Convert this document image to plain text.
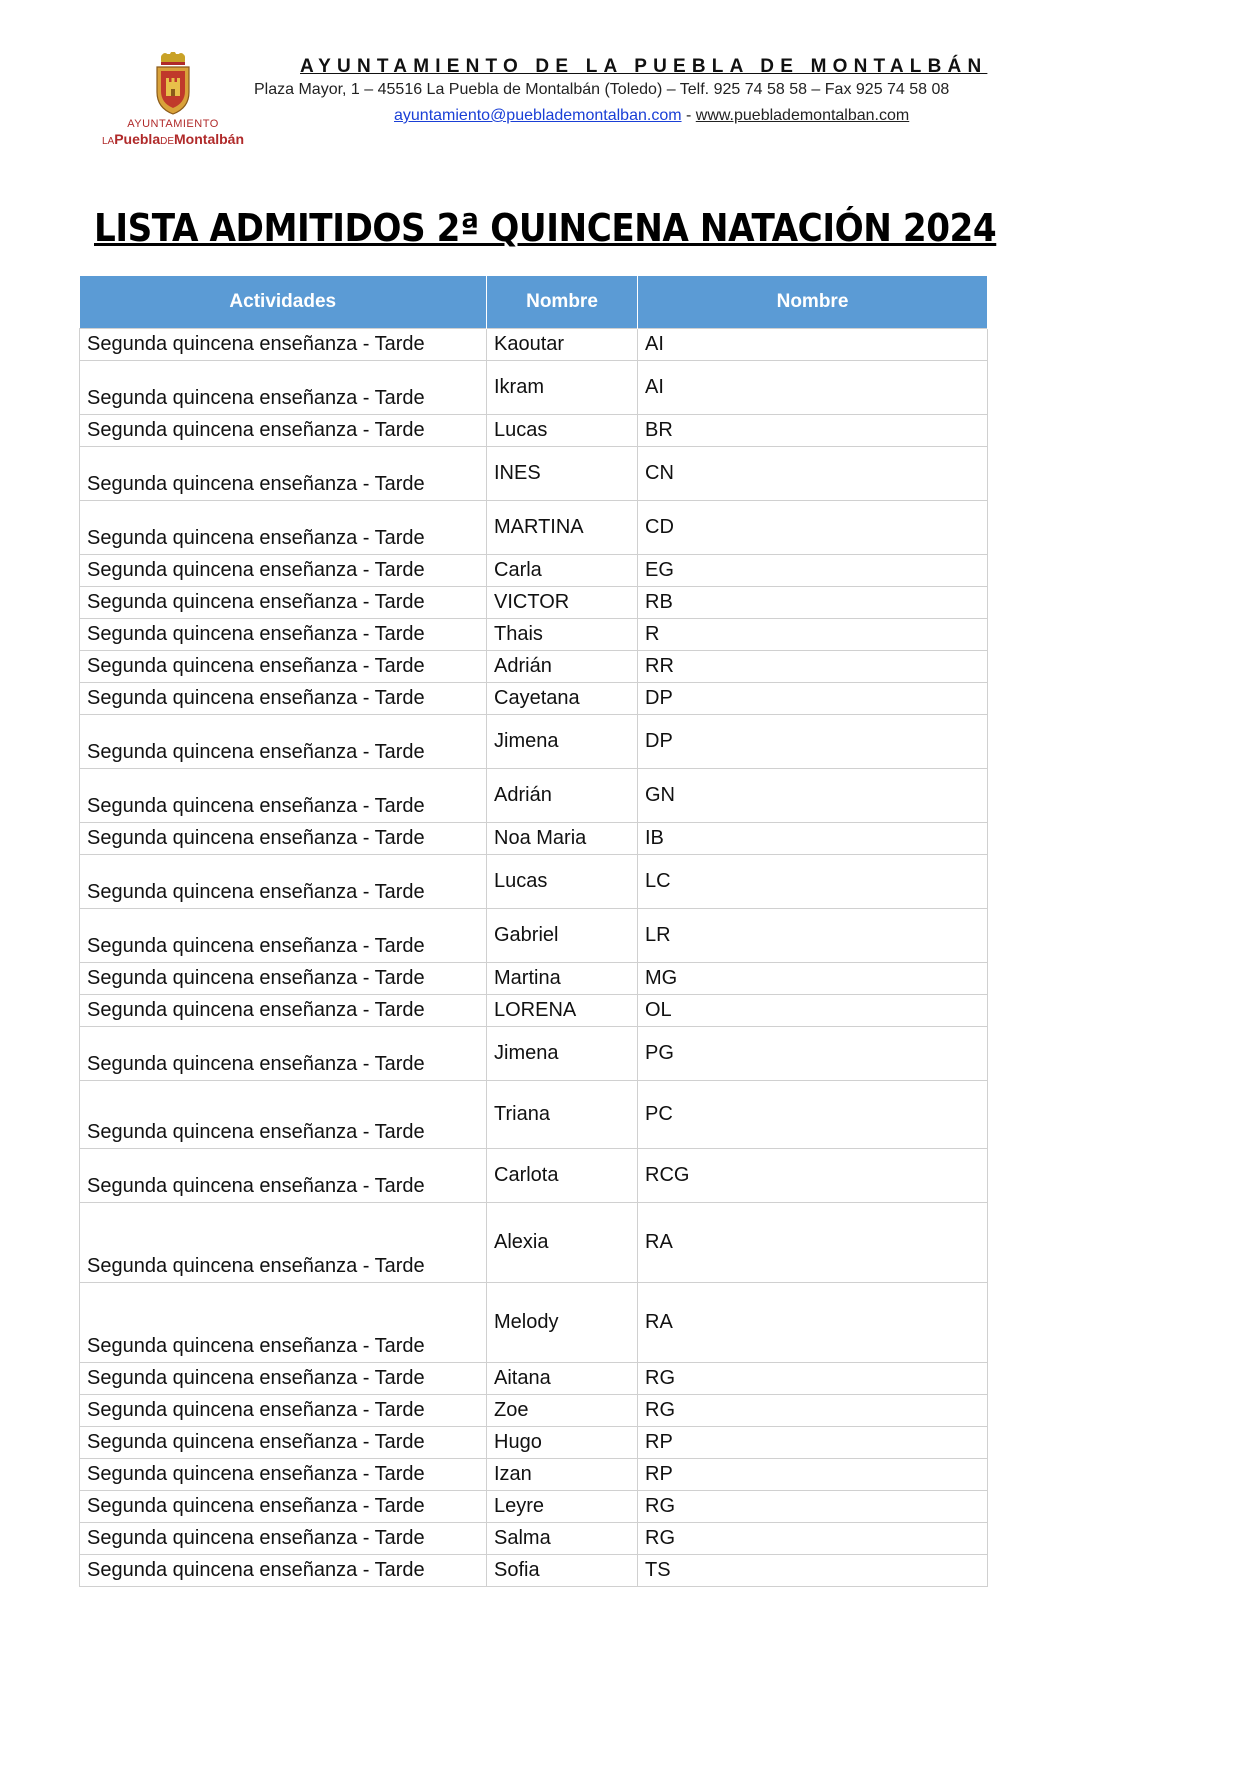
AYUNTAMIENTO
LAPueblaDEMontalbán
AYUNTAMIENTO DE LA PUEBLA DE MONTALBÁN
Plaza Mayor, 1 – 45516 La Puebla de Montalbán (Toledo) – Telf. 925 74 58 58 – Fax 925 74 58 08
ayuntamiento@pueblademontalban.com - www.pueblademontalban.com
LISTA ADMITIDOS 2ª QUINCENA NATACIÓN 2024
Actividades	Nombre	Nombre
Segunda quincena enseñanza - Tarde	Kaoutar	AI
Segunda quincena enseñanza - Tarde	Ikram	AI
Segunda quincena enseñanza - Tarde	Lucas	BR
Segunda quincena enseñanza - Tarde	INES	CN
Segunda quincena enseñanza - Tarde	MARTINA	CD
Segunda quincena enseñanza - Tarde	Carla	EG
Segunda quincena enseñanza - Tarde	VICTOR	RB
Segunda quincena enseñanza - Tarde	Thais	R
Segunda quincena enseñanza - Tarde	Adrián	RR
Segunda quincena enseñanza - Tarde	Cayetana	DP
Segunda quincena enseñanza - Tarde	Jimena	DP
Segunda quincena enseñanza - Tarde	Adrián	GN
Segunda quincena enseñanza - Tarde	Noa Maria	IB
Segunda quincena enseñanza - Tarde	Lucas	LC
Segunda quincena enseñanza - Tarde	Gabriel	LR
Segunda quincena enseñanza - Tarde	Martina	MG
Segunda quincena enseñanza - Tarde	LORENA	OL
Segunda quincena enseñanza - Tarde	Jimena	PG
Segunda quincena enseñanza - Tarde	Triana	PC
Segunda quincena enseñanza - Tarde	Carlota	RCG
Segunda quincena enseñanza - Tarde	Alexia	RA
Segunda quincena enseñanza - Tarde	Melody	RA
Segunda quincena enseñanza - Tarde	Aitana	RG
Segunda quincena enseñanza - Tarde	Zoe	RG
Segunda quincena enseñanza - Tarde	Hugo	RP
Segunda quincena enseñanza - Tarde	Izan	RP
Segunda quincena enseñanza - Tarde	Leyre	RG
Segunda quincena enseñanza - Tarde	Salma	RG
Segunda quincena enseñanza - Tarde	Sofia	TS
